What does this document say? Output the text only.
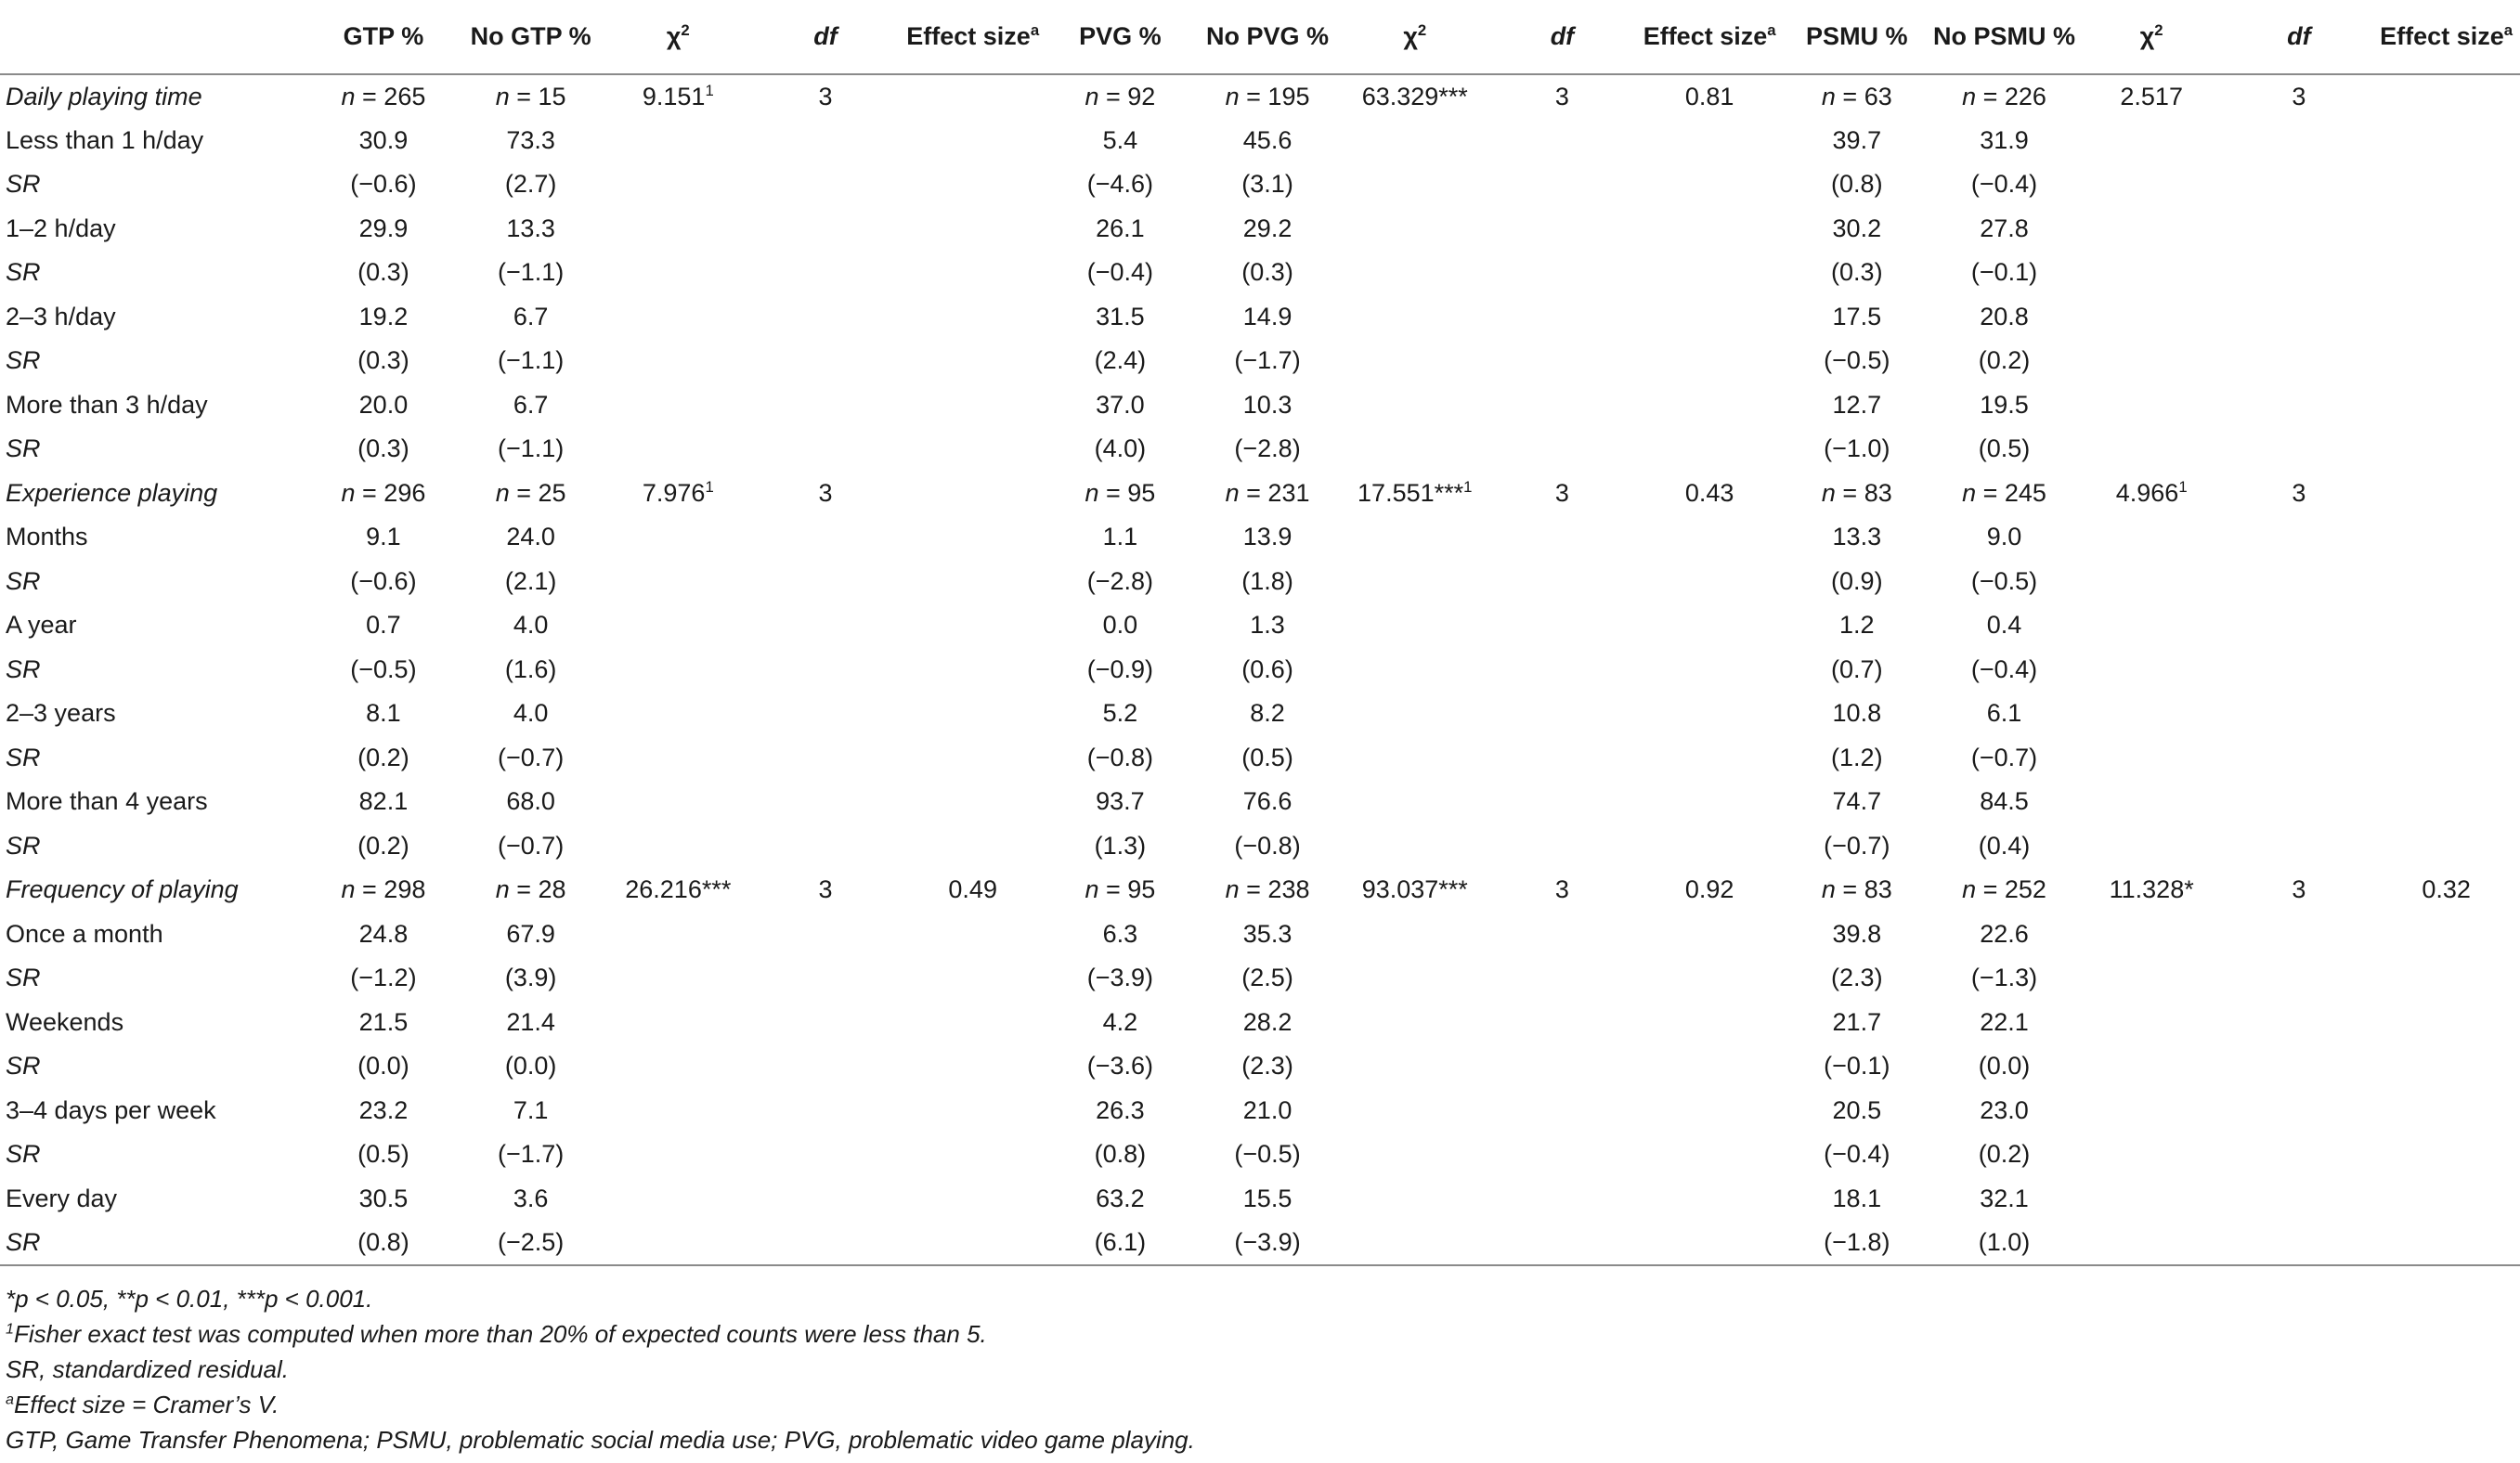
	GTP %	No GTP %	$\chi^2$	df	Effect size$^a$	PVG %	No PVG %	$\chi^2$	df	Effect size$^a$	PSMU %	No PSMU %	$\chi^2$	df	Effect size$^a$
Daily playing time	n = 265	n = 15	9.151$^1$	3		n = 92	n = 195	63.329***	3	0.81	n = 63	n = 226	2.517	3	
Less than 1 h/day	30.9	73.3				5.4	45.6				39.7	31.9			
SR	(−0.6)	(2.7)				(−4.6)	(3.1)				(0.8)	(−0.4)			
1–2 h/day	29.9	13.3				26.1	29.2				30.2	27.8			
SR	(0.3)	(−1.1)				(−0.4)	(0.3)				(0.3)	(−0.1)			
2–3 h/day	19.2	6.7				31.5	14.9				17.5	20.8			
SR	(0.3)	(−1.1)				(2.4)	(−1.7)				(−0.5)	(0.2)			
More than 3 h/day	20.0	6.7				37.0	10.3				12.7	19.5			
SR	(0.3)	(−1.1)				(4.0)	(−2.8)				(−1.0)	(0.5)			
Experience playing	n = 296	n = 25	7.976$^1$	3		n = 95	n = 231	17.551***$^1$	3	0.43	n = 83	n = 245	4.966$^1$	3	
Months	9.1	24.0				1.1	13.9				13.3	9.0			
SR	(−0.6)	(2.1)				(−2.8)	(1.8)				(0.9)	(−0.5)			
A year	0.7	4.0				0.0	1.3				1.2	0.4			
SR	(−0.5)	(1.6)				(−0.9)	(0.6)				(0.7)	(−0.4)			
2–3 years	8.1	4.0				5.2	8.2				10.8	6.1			
SR	(0.2)	(−0.7)				(−0.8)	(0.5)				(1.2)	(−0.7)			
More than 4 years	82.1	68.0				93.7	76.6				74.7	84.5			
SR	(0.2)	(−0.7)				(1.3)	(−0.8)				(−0.7)	(0.4)			
Frequency of playing	n = 298	n = 28	26.216***	3	0.49	n = 95	n = 238	93.037***	3	0.92	n = 83	n = 252	11.328*	3	0.32
Once a month	24.8	67.9				6.3	35.3				39.8	22.6			
SR	(−1.2)	(3.9)				(−3.9)	(2.5)				(2.3)	(−1.3)			
Weekends	21.5	21.4				4.2	28.2				21.7	22.1			
SR	(0.0)	(0.0)				(−3.6)	(2.3)				(−0.1)	(0.0)			
3–4 days per week	23.2	7.1				26.3	21.0				20.5	23.0			
SR	(0.5)	(−1.7)				(0.8)	(−0.5)				(−0.4)	(0.2)			
Every day	30.5	3.6				63.2	15.5				18.1	32.1			
SR	(0.8)	(−2.5)				(6.1)	(−3.9)				(−1.8)	(1.0)			
*p < 0.05, **p < 0.01, ***p < 0.001.
$^1$Fisher exact test was computed when more than 20% of expected counts were less than 5.
SR, standardized residual.
$^a$Effect size = Cramer’s V.
GTP, Game Transfer Phenomena; PSMU, problematic social media use; PVG, problematic video game playing.
